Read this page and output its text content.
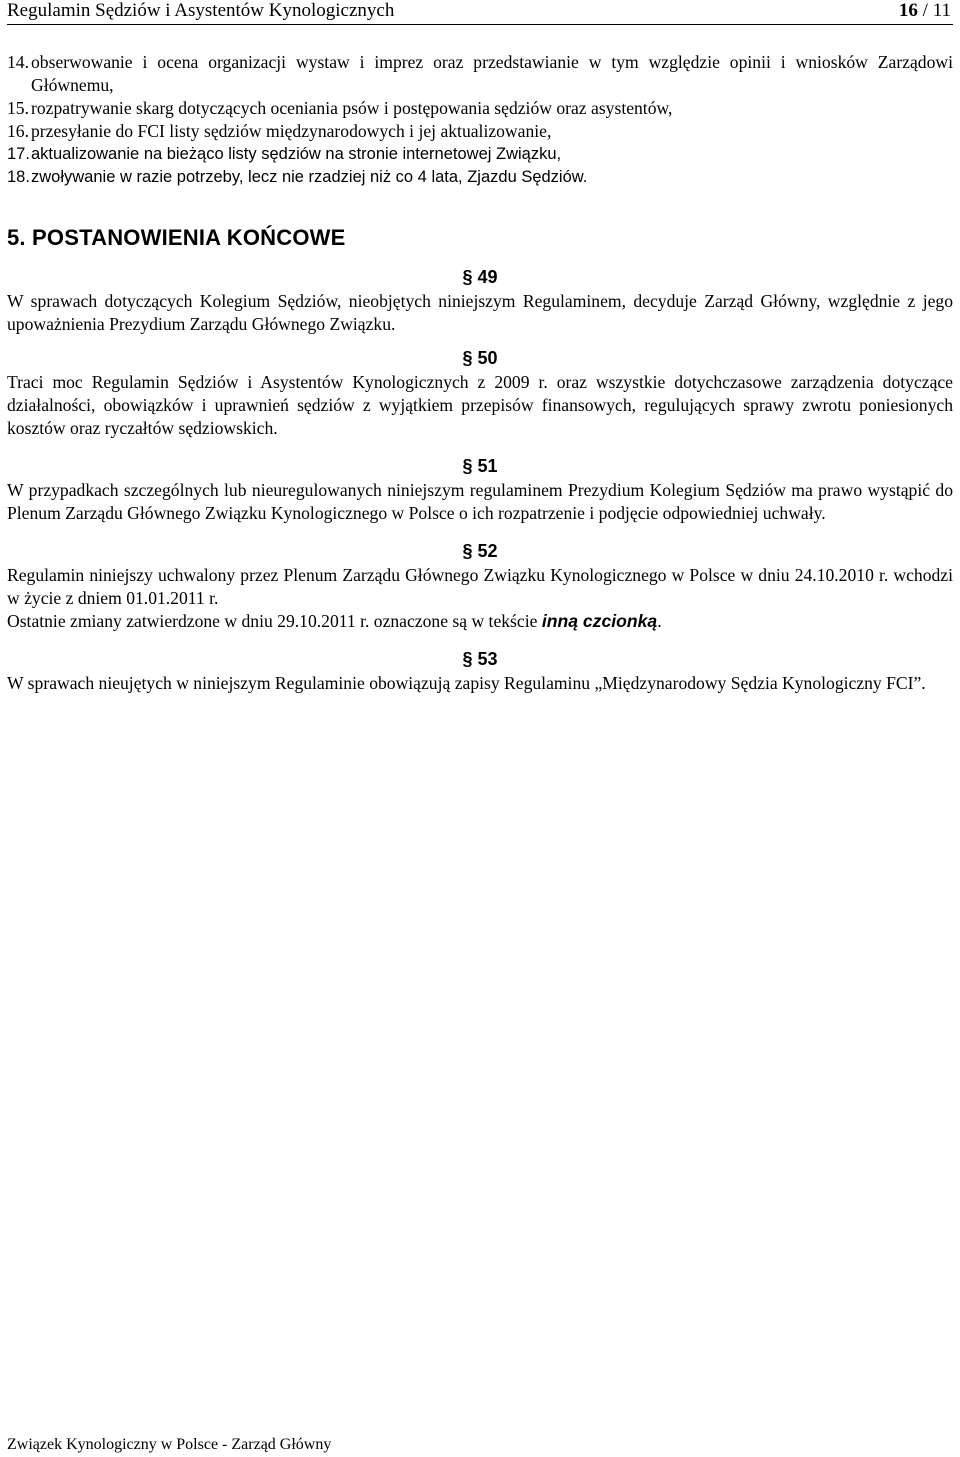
Regulamin Sędziów i Asystentów Kynologicznych	16 / 11
14. obserwowanie i ocena organizacji wystaw i imprez oraz przedstawianie w tym względzie opinii i wniosków Zarządowi Głównemu,
15. rozpatrywanie skarg dotyczących oceniania psów i postępowania sędziów oraz asystentów,
16. przesyłanie do FCI listy sędziów międzynarodowych i jej aktualizowanie,
17. aktualizowanie na bieżąco listy sędziów na stronie internetowej Związku,
18. zwoływanie w razie potrzeby, lecz nie rzadziej niż co 4 lata, Zjazdu Sędziów.
5. POSTANOWIENIA KOŃCOWE
§ 49
W sprawach dotyczących Kolegium Sędziów, nieobjętych niniejszym Regulaminem, decyduje Zarząd Główny, względnie z jego upoważnienia Prezydium Zarządu Głównego Związku.
§ 50
Traci moc Regulamin Sędziów i Asystentów Kynologicznych z 2009 r. oraz wszystkie dotychczasowe zarządzenia dotyczące działalności, obowiązków i uprawnień sędziów z wyjątkiem przepisów finansowych, regulujących sprawy zwrotu poniesionych kosztów oraz ryczałtów sędziowskich.
§ 51
W przypadkach szczególnych lub nieuregulowanych niniejszym regulaminem Prezydium Kolegium Sędziów ma prawo wystąpić do Plenum Zarządu Głównego Związku Kynologicznego w Polsce o ich rozpatrzenie i podjęcie odpowiedniej uchwały.
§ 52
Regulamin niniejszy uchwalony przez Plenum Zarządu Głównego Związku Kynologicznego w Polsce w dniu 24.10.2010 r. wchodzi w życie z dniem 01.01.2011 r.
Ostatnie zmiany zatwierdzone w dniu 29.10.2011 r. oznaczone są w tekście inną czcionką.
§ 53
W sprawach nieujętych w niniejszym Regulaminie obowiązują zapisy Regulaminu „Międzynarodowy Sędzia Kynologiczny FCI”.
Związek Kynologiczny w Polsce - Zarząd Główny
